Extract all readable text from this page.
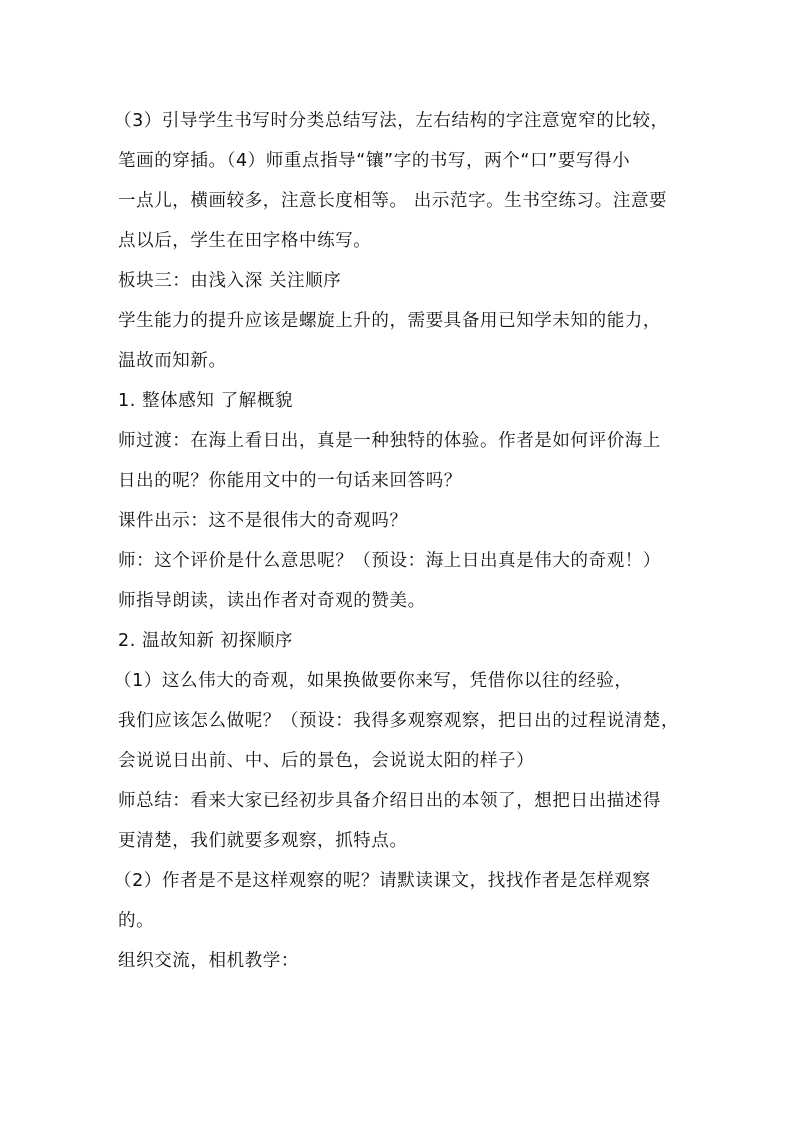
（3）引导学生书写时分类总结写法，左右结构的字注意宽窄的比较，
笔画的穿插。（4）师重点指导“镶”字的书写，两个“口”要写得小
一点儿，横画较多，注意长度相等。 出示范字。生书空练习。注意要
点以后，学生在田字格中练写。
板块三：由浅入深 关注顺序
学生能力的提升应该是螺旋上升的，需要具备用已知学未知的能力，
温故而知新。
1. 整体感知 了解概貌
师过渡：在海上看日出，真是一种独特的体验。作者是如何评价海上
日出的呢？你能用文中的一句话来回答吗？
课件出示：这不是很伟大的奇观吗？
师：这个评价是什么意思呢？（预设：海上日出真是伟大的奇观！）
师指导朗读，读出作者对奇观的赞美。
2. 温故知新 初探顺序
（1）这么伟大的奇观，如果换做要你来写，凭借你以往的经验，
我们应该怎么做呢？（预设：我得多观察观察，把日出的过程说清楚，
会说说日出前、中、后的景色，会说说太阳的样子）
师总结：看来大家已经初步具备介绍日出的本领了，想把日出描述得
更清楚，我们就要多观察，抓特点。
（2）作者是不是这样观察的呢？请默读课文，找找作者是怎样观察
的。
组织交流，相机教学：
